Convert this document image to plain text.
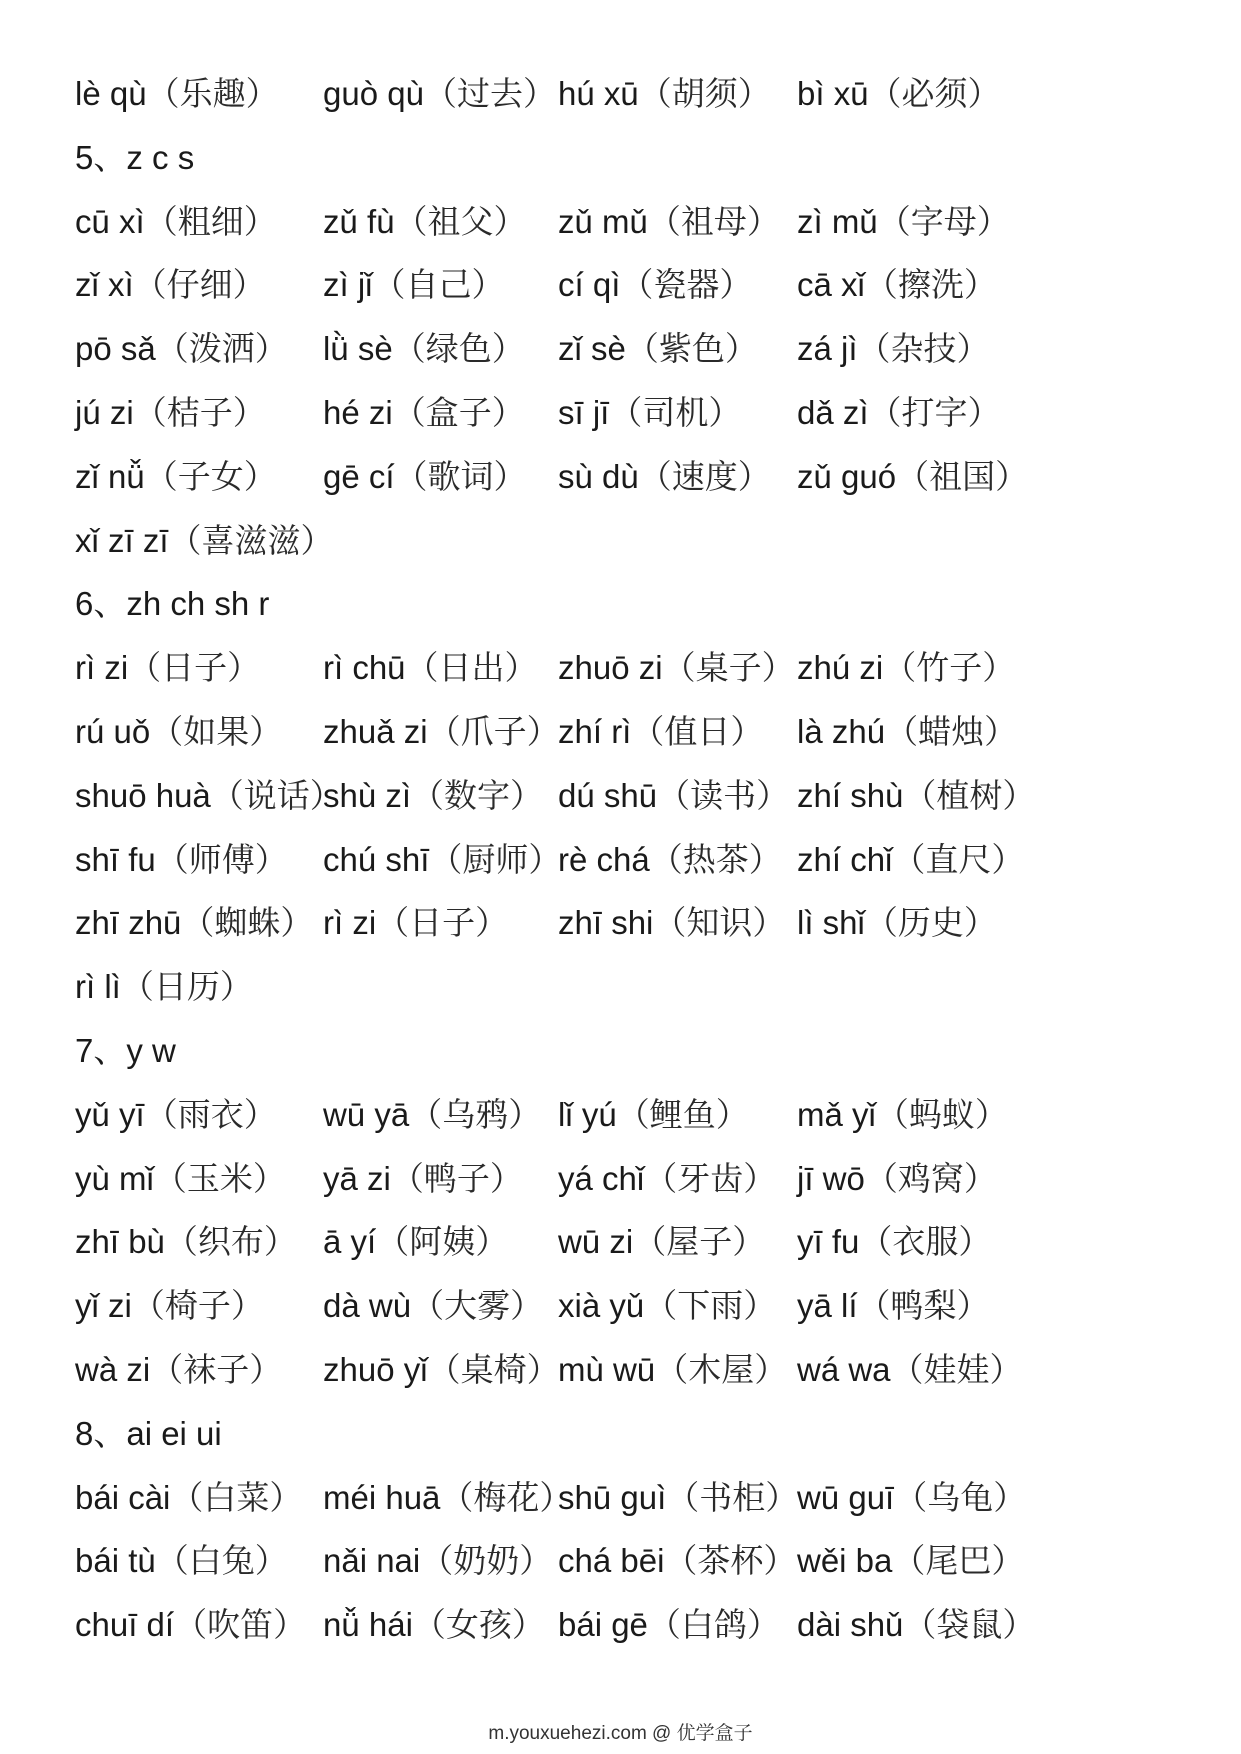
lè qù（乐趣） guò qù（过去） hú xū（胡须） bì xū（必须）
5、z c s
cū xì（粗细） zǔ fù（祖父） zǔ mǔ（祖母） zì mǔ（字母）
zǐ xì（仔细） zì jǐ（自己） cí qì（瓷器） cā xǐ（擦洗）
pō sǎ（泼洒） lǜ sè（绿色） zǐ sè（紫色） zá jì（杂技）
jú zi（桔子） hé zi（盒子） sī jī（司机） dǎ zì（打字）
zǐ nǚ（子女） gē cí（歌词） sù dù（速度） zǔ guó（祖国）
xǐ zī zī（喜滋滋）
6、zh ch sh r
rì zi（日子） rì chū（日出） zhuō zi（桌子） zhú zi（竹子）
rú uǒ（如果） zhuǎ zi（爪子）
zhí rì（值日） là zhú（蜡烛）
shuō huà（说话）
shù zì（数字） dú shū（读书） zhí shù（植树）
shī fu（师傅） chú shī（厨师）
rè chá（热茶） zhí chǐ（直尺）
zhī zhū（蜘蛛） rì zi（日子） zhī shi（知识） lì shǐ（历史）
rì lì（日历）
7、y w
yǔ yī（雨衣） wū yā（乌鸦） lǐ yú（鲤鱼） mǎ yǐ（蚂蚁）
yù mǐ（玉米） yā zi（鸭子） yá chǐ（牙齿） jī wō（鸡窝）
zhī bù（织布） ā yí（阿姨） wū zi（屋子） yī fu（衣服）
yǐ zi（椅子） dà wù（大雾） xià yǔ（下雨） yā lí（鸭梨）
wà zi（袜子） zhuō yǐ（桌椅）
mù wū（木屋） wá wa（娃娃）
8、ai ei ui
bái cài（白菜） méi huā（梅花）
shū guì（书柜）
wū guī（乌龟）
bái tù（白兔） nǎi nai（奶奶） chá bēi（茶杯） wěi ba（尾巴）
chuī dí（吹笛） nǚ hái（女孩） bái gē（白鸽） dài shǔ（袋鼠）
m.youxuehezi.com @ 优学盒子
